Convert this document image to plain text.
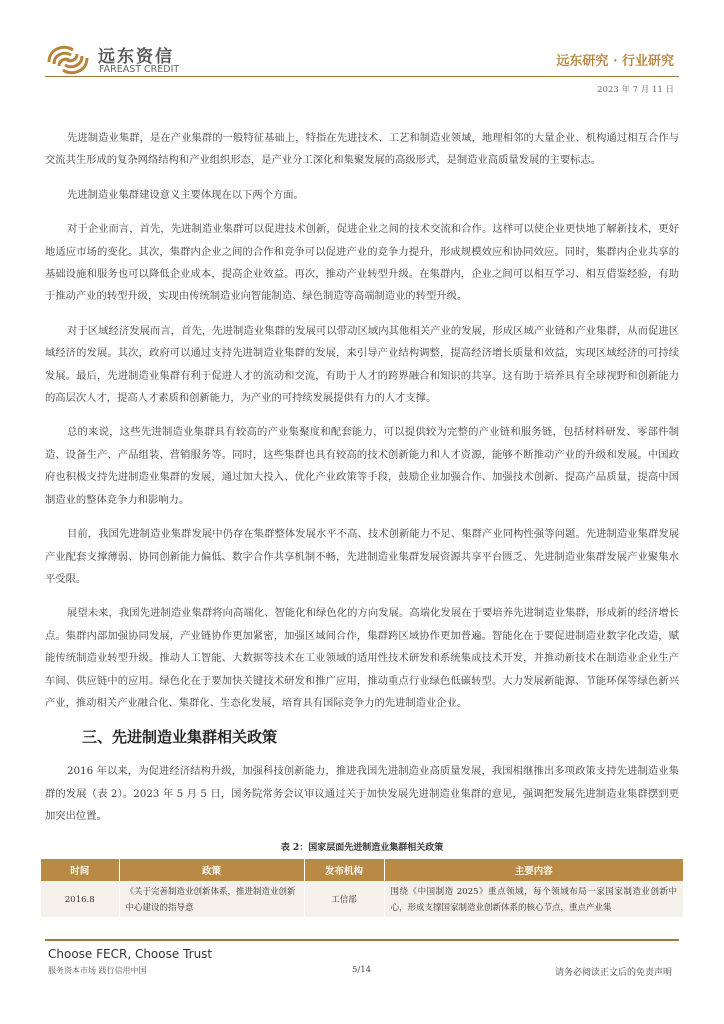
远东资信
FAREAST CREDIT
远东研究 · 行业研究
2023 年 7 月 11 日

先进制造业集群，是在产业集群的一般特征基础上，特指在先进技术、工艺和制造业领域，地理相邻的大量企业、机构通过相互合作与交流共生形成的复杂网络结构和产业组织形态，是产业分工深化和集聚发展的高级形式，是制造业高质量发展的主要标志。

先进制造业集群建设意义主要体现在以下两个方面。

对于企业而言，首先，先进制造业集群可以促进技术创新，促进企业之间的技术交流和合作。这样可以使企业更快地了解新技术，更好地适应市场的变化。其次，集群内企业之间的合作和竞争可以促进产业的竞争力提升，形成规模效应和协同效应。同时，集群内企业共享的基础设施和服务也可以降低企业成本，提高企业效益。再次，推动产业转型升级。在集群内，企业之间可以相互学习、相互借鉴经验，有助于推动产业的转型升级，实现由传统制造业向智能制造、绿色制造等高端制造业的转型升级。

对于区域经济发展而言，首先，先进制造业集群的发展可以带动区域内其他相关产业的发展，形成区域产业链和产业集群，从而促进区域经济的发展。其次，政府可以通过支持先进制造业集群的发展，来引导产业结构调整，提高经济增长质量和效益，实现区域经济的可持续发展。最后，先进制造业集群有利于促进人才的流动和交流，有助于人才的跨界融合和知识的共享。这有助于培养具有全球视野和创新能力的高层次人才，提高人才素质和创新能力，为产业的可持续发展提供有力的人才支撑。

总的来说，这些先进制造业集群具有较高的产业集聚度和配套能力，可以提供较为完整的产业链和服务链，包括材料研发、零部件制造、设备生产、产品组装、营销服务等。同时，这些集群也具有较高的技术创新能力和人才资源，能够不断推动产业的升级和发展。中国政府也积极支持先进制造业集群的发展，通过加大投入、优化产业政策等手段，鼓励企业加强合作、加强技术创新、提高产品质量，提高中国制造业的整体竞争力和影响力。

目前，我国先进制造业集群发展中仍存在集群整体发展水平不高、技术创新能力不足、集群产业同构性强等问题。先进制造业集群发展产业配套支撑薄弱、协同创新能力偏低、数字合作共享机制不畅，先进制造业集群发展资源共享平台匮乏、先进制造业集群发展产业聚集水平受限。

展望未来，我国先进制造业集群将向高端化、智能化和绿色化的方向发展。高端化发展在于要培养先进制造业集群，形成新的经济增长点。集群内部加强协同发展，产业链协作更加紧密，加强区域间合作，集群跨区域协作更加普遍。智能化在于要促进制造业数字化改造，赋能传统制造业转型升级。推动人工智能、大数据等技术在工业领域的适用性技术研发和系统集成技术开发，并推动新技术在制造业企业生产车间、供应链中的应用。绿色化在于要加快关键技术研发和推广应用，推动重点行业绿色低碳转型。大力发展新能源、节能环保等绿色新兴产业，推动相关产业融合化、集群化、生态化发展，培育具有国际竞争力的先进制造业企业。

三、先进制造业集群相关政策

2016 年以来，为促进经济结构升级，加强科技创新能力，推进我国先进制造业高质量发展，我国相继推出多项政策支持先进制造业集群的发展（表 2）。2023 年 5 月 5 日，国务院常务会议审议通过关于加快发展先进制造业集群的意见，强调把发展先进制造业集群摆到更加突出位置。

表 2：国家层面先进制造业集群相关政策
时间	政策	发布机构	主要内容

2016.8	《关于完善制造业创新体系，推进制造业创新中心建设的指导意	工信部	围绕《中国制造 2025》重点领域，每个领域布局一家国家制造业创新中心，形成支撑国家制造业创新体系的核心节点，重点产业集
Choose FECR, Choose Trust
服务资本市场 践行信用中国	5/14	请务必阅读正文后的免责声明
